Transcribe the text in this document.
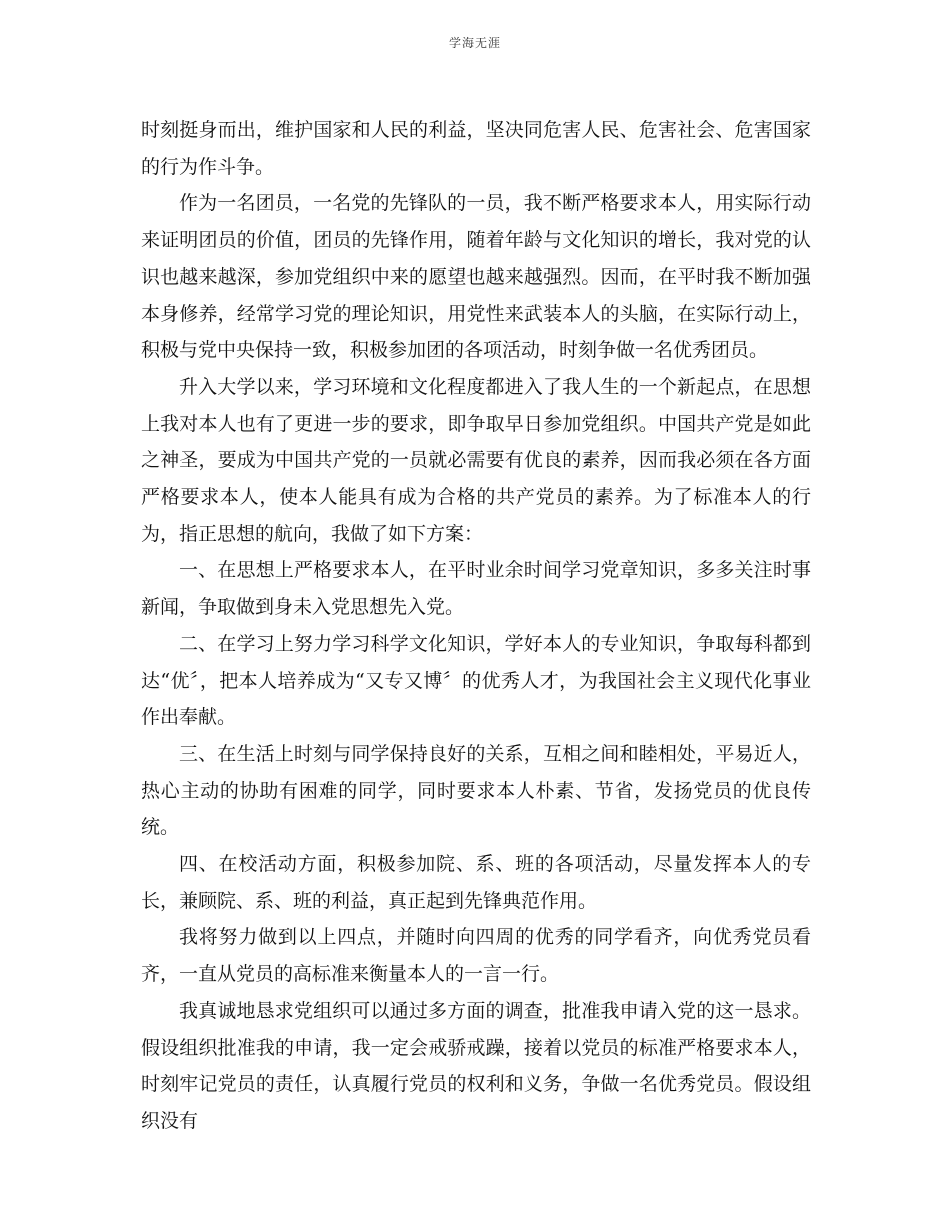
学海无涯

时刻挺身而出，维护国家和人民的利益，坚决同危害人民、危害社会、危害国家的行为作斗争。

作为一名团员，一名党的先锋队的一员，我不断严格要求本人，用实际行动来证明团员的价值，团员的先锋作用，随着年龄与文化知识的增长，我对党的认识也越来越深，参加党组织中来的愿望也越来越强烈。因而，在平时我不断加强本身修养，经常学习党的理论知识，用党性来武装本人的头脑，在实际行动上，积极与党中央保持一致，积极参加团的各项活动，时刻争做一名优秀团员。

升入大学以来，学习环境和文化程度都进入了我人生的一个新起点，在思想上我对本人也有了更进一步的要求，即争取早日参加党组织。中国共产党是如此之神圣，要成为中国共产党的一员就必需要有优良的素养，因而我必须在各方面严格要求本人，使本人能具有成为合格的共产党员的素养。为了标准本人的行为，指正思想的航向，我做了如下方案：

一、在思想上严格要求本人，在平时业余时间学习党章知识，多多关注时事新闻，争取做到身未入党思想先入党。

二、在学习上努力学习科学文化知识，学好本人的专业知识，争取每科都到达“优〞，把本人培养成为“又专又博〞的优秀人才，为我国社会主义现代化事业作出奉献。

三、在生活上时刻与同学保持良好的关系，互相之间和睦相处，平易近人，热心主动的协助有困难的同学，同时要求本人朴素、节省，发扬党员的优良传统。

四、在校活动方面，积极参加院、系、班的各项活动，尽量发挥本人的专长，兼顾院、系、班的利益，真正起到先锋典范作用。

我将努力做到以上四点，并随时向四周的优秀的同学看齐，向优秀党员看齐，一直从党员的高标准来衡量本人的一言一行。

我真诚地恳求党组织可以通过多方面的调查，批准我申请入党的这一恳求。假设组织批准我的申请，我一定会戒骄戒躁，接着以党员的标准严格要求本人，时刻牢记党员的责任，认真履行党员的权利和义务，争做一名优秀党员。假设组织没有
